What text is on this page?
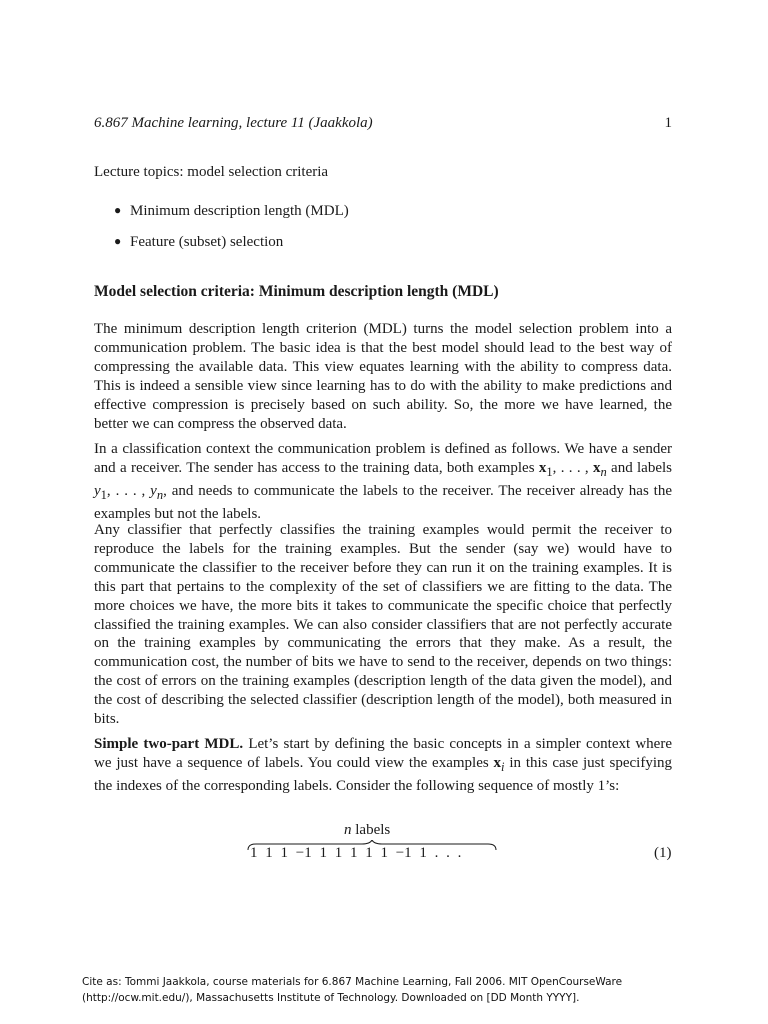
6.867 Machine learning, lecture 11 (Jaakkola)	1
Lecture topics: model selection criteria
● Minimum description length (MDL)
● Feature (subset) selection
Model selection criteria: Minimum description length (MDL)
The minimum description length criterion (MDL) turns the model selection problem into a communication problem. The basic idea is that the best model should lead to the best way of compressing the available data. This view equates learning with the ability to compress data. This is indeed a sensible view since learning has to do with the ability to make predictions and effective compression is precisely based on such ability. So, the more we have learned, the better we can compress the observed data.
In a classification context the communication problem is defined as follows. We have a sender and a receiver. The sender has access to the training data, both examples $x_1$, . . . , $x_n$ and labels $y_1$, . . . , $y_n$, and needs to communicate the labels to the receiver. The receiver already has the examples but not the labels.
Any classifier that perfectly classifies the training examples would permit the receiver to reproduce the labels for the training examples. But the sender (say we) would have to communicate the classifier to the receiver before they can run it on the training examples. It is this part that pertains to the complexity of the set of classifiers we are fitting to the data. The more choices we have, the more bits it takes to communicate the specific choice that perfectly classified the training examples. We can also consider classifiers that are not perfectly accurate on the training examples by communicating the errors that they make. As a result, the communication cost, the number of bits we have to send to the receiver, depends on two things: the cost of errors on the training examples (description length of the data given the model), and the cost of describing the selected classifier (description length of the model), both measured in bits.
Simple two-part MDL. Let’s start by defining the basic concepts in a simpler context where we just have a sequence of labels. You could view the examples $x_i$ in this case just specifying the indexes of the corresponding labels. Consider the following sequence of mostly 1’s:
n labels
1 1 1 −1 1 1 1 1 1 −1 1 . . .	(1)
Cite as: Tommi Jaakkola, course materials for 6.867 Machine Learning, Fall 2006. MIT OpenCourseWare
(http://ocw.mit.edu/), Massachusetts Institute of Technology. Downloaded on [DD Month YYYY].
